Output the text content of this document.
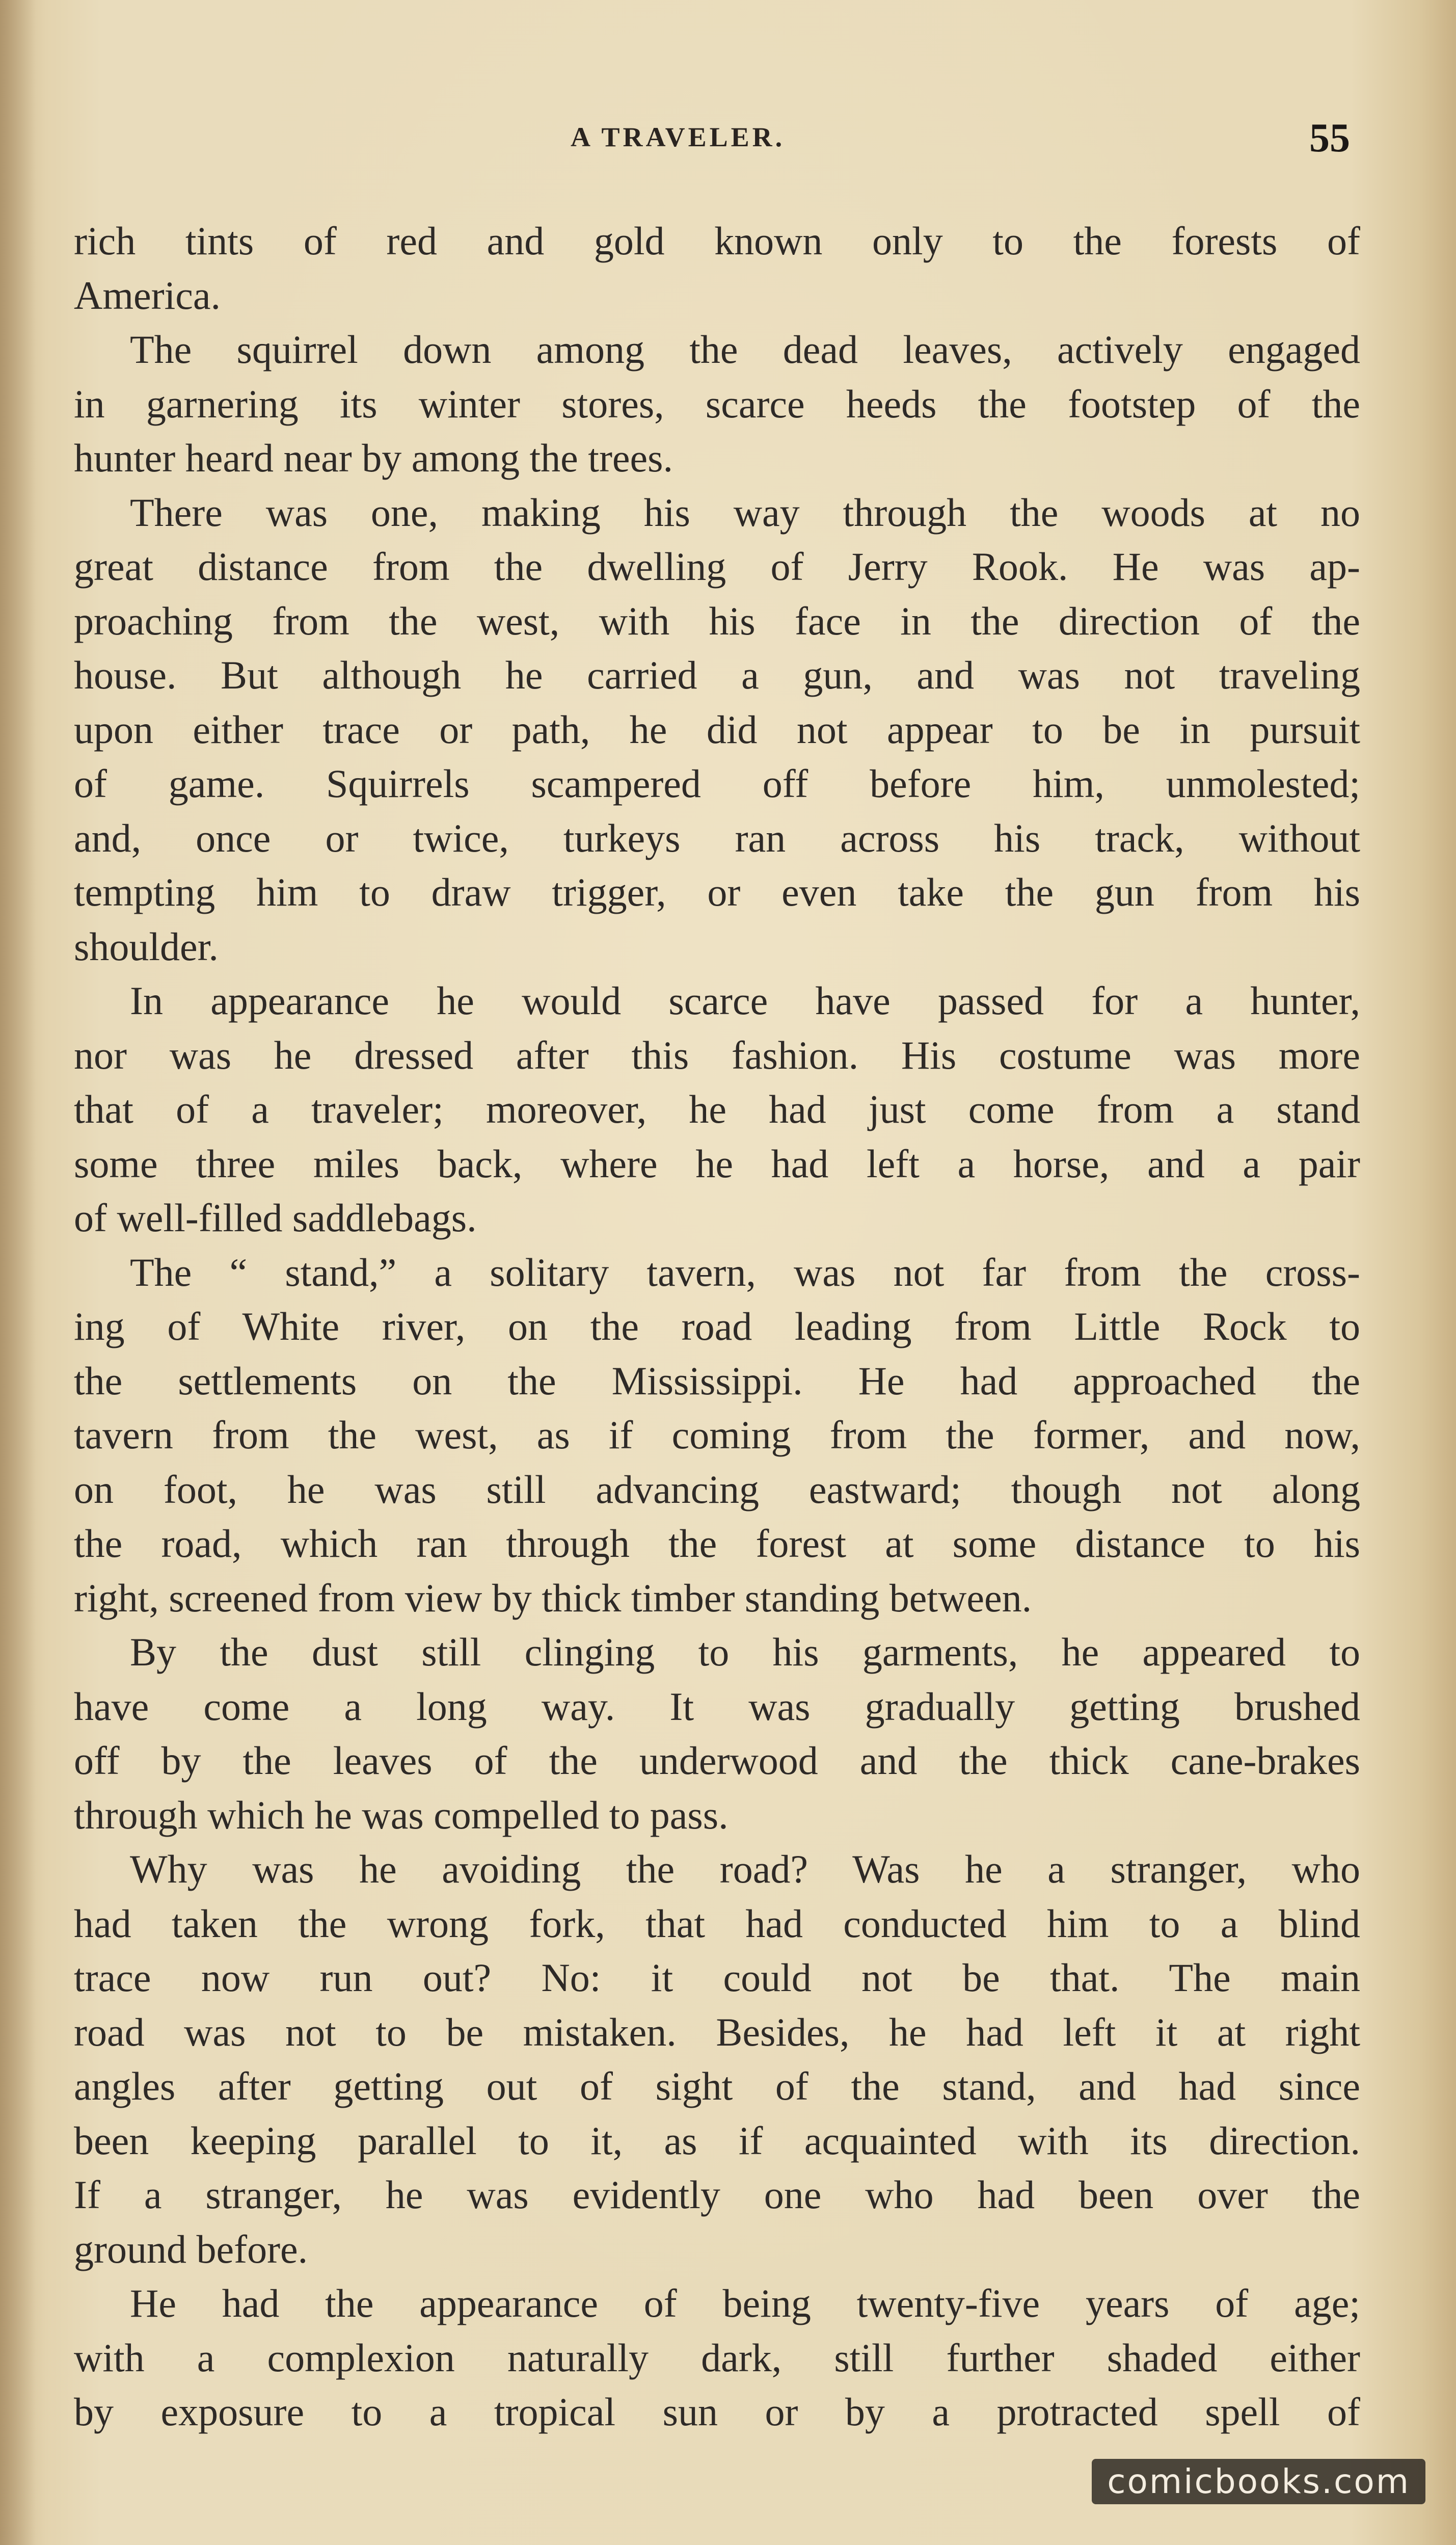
A TRAVELER.	55

rich tints of red and gold known only to the forests of
America.

The squirrel down among the dead leaves, actively engaged
in garnering its winter stores, scarce heeds the footstep of the
hunter heard near by among the trees.

There was one, making his way through the woods at no
great distance from the dwelling of Jerry Rook. He was ap-
proaching from the west, with his face in the direction of the
house. But although he carried a gun, and was not traveling
upon either trace or path, he did not appear to be in pursuit
of game. Squirrels scampered off before him, unmolested;
and, once or twice, turkeys ran across his track, without
tempting him to draw trigger, or even take the gun from his
shoulder.

In appearance he would scarce have passed for a hunter,
nor was he dressed after this fashion. His costume was more
that of a traveler; moreover, he had just come from a stand
some three miles back, where he had left a horse, and a pair
of well-filled saddlebags.

The “ stand,” a solitary tavern, was not far from the cross-
ing of White river, on the road leading from Little Rock to
the settlements on the Mississippi. He had approached the
tavern from the west, as if coming from the former, and now,
on foot, he was still advancing eastward; though not along
the road, which ran through the forest at some distance to his
right, screened from view by thick timber standing between.

By the dust still clinging to his garments, he appeared to
have come a long way. It was gradually getting brushed
off by the leaves of the underwood and the thick cane-brakes
through which he was compelled to pass.

Why was he avoiding the road? Was he a stranger, who
had taken the wrong fork, that had conducted him to a blind
trace now run out? No: it could not be that. The main
road was not to be mistaken. Besides, he had left it at right
angles after getting out of sight of the stand, and had since
been keeping parallel to it, as if acquainted with its direction.
If a stranger, he was evidently one who had been over the
ground before.

He had the appearance of being twenty-five years of age;
with a complexion naturally dark, still further shaded either
by exposure to a tropical sun or by a protracted spell of

comicbooks.com
